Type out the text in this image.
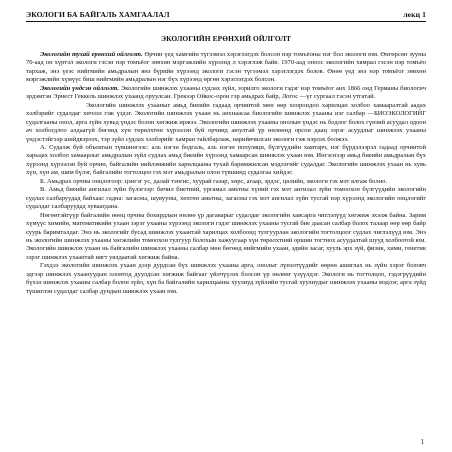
ЭКОЛОГИ БА БАЙГАЛЬ ХАМГААЛАЛ	лекц 1
ЭКОЛОГИЙН ЕРӨНХИЙ ОЙЛГОЛТ

Экологийн тухай ерөнхий ойлголт. Өрчин үед хамгийн түгээмэл хэрэглэгдэх болсон нэр томъёоны нэг бол экологи юм. Өнгөрсөн зууны 70-аад он хүртэл экологи гэсэн нэр томъёог зөвхөн мэргэжлийн хүрээнд л хэрэглэж байв. 1970-аад оноос экологийн хямрал гэсэн нэр томъёо тархаж, энэ үеэс нийгмийн амьдралын янз бүрийн хүрээнд экологи гэсэн түгээмэл хэрэглэгдэх болов. Өнөө үед энэ нэр томъёог зөвхөн мэргэжлийн хүмүүс биш нийгмийн амьдралын нэг бүх хүрээнд өргөн хэрэглэгдэх болсон.

Экологийн үндсэн ойлголт. Экологийн шинжлэх ухааны судлах зүйл, зорилго экологи гэдэг нэр томъёог анх 1866 онд Германы биологич эрдэмтэн Эрнест Геккель шинжлэх ухаанд оруулсан. Грекээр Ойкос-орон гэр амьдрах байр, Логос —үг сургаал гэсэн утгатай.

Экологийн шинжлэх ухааныг амьд биеийн гадаад орчинтой мөн өөр хоорондоо харилцан холбоо хамааралтай аадах хэлбэрийг судалдаг хичээл гэж үздэг. Экологийн шинжлэх ухаан нь анхнаасаа биологийн шинжлэх ухааны нэг салбар —БИОЭКОЛОГИЙГ судалгааны онол, арга зүйн хувьд үндэс болон хөгжиж иржээ. Экологийн шинжлэх ухааны онолын үндэс нь бодлог болох гүнзий асуудал одоон ач холбогдлоо алдаагүй бөгөөд хүн төрөлхтөн хүрээлэн буй орчинд аюултай үр нөлөөнд орсон даац зэрэг асуудлыг шинжлэх ухааны үндэстэйгээр шийдвэрлэх, тэр зүйл судлах хэлбэрийг хамран тайлбарлаж, нарийвчилсан экологи гэж нэрлэх болжээ.

А. Судалж буй объектын түвшингээс: аль нэгэн бодгаль, аль нэгэн популяци, бүлгүүдийн хамтарч, нэг бүрдэлээрэл гадаад орчинтой харьцах холбоо хамаарлыг амьдралын зүйл судлах амьд биеийн хүрээнд хамаарсан шинжлэх ухаан юм. Ингэснээр амьд биеийн амьдралын бүх хүрээнд хүрээлэн буй орчин, байгалийн нийлэмжийн харилцааны тухай баримжилсан мэдлэгийг судалдаг. Экологийн шинжлэх ухаан нь хувь хүн, хүн ам, шим бүлэг, байгалийн тогтолцоо гэх мэт амьдралын олон түвшинд судалгаа хийдэг.

Б. Амьдрах орчны онцлогоор: цэнгэг ус, далай тэнгис, хуурай газар, хөрс, агаар, эрдэс, цөлийн, экологи гэх мэт ялгаж болно.

В. Амьд биеийн ангилал зүйн бүлэгээр: бичил биетний, ургамал амьтны хүний гэх мэт ангилал зүйн томоохон бүлгүүдийн экологийн судлах салбаруудад байхаас гадна: загасны, шувууны, хөхтөн амьтны, загасны гэх мэт ангилал зүйн тусгай нэр хүрээнд экологийн онцлогийг судалдаг салбаруудад хуваагдана.

Нөгөөтэйгүүр байгалийн нөөц орчны бохирдлын нөлөө үр дагаварыг судалдаг экологийн хавсарга чиглэлүүд хөгжиж эхэлж байна. Зарим хүмүүс химийн, математикийн ухаан зэрэг ухааны хүрээнд экологи гэдэг шинжлэх ухааны тусгай бие даасан салбар болох талаар өөр өөр байр суурь баримталдаг. Энэ нь экологийг бусад шинжлэх ухаантай харилцах холбоонд тулгуурлан экологийн тогтолцоог судлах чиглэлүүд юм. Энэ нь экологийн шинжлэх ухааны хөгжлийн томоохон тулгуур болохын хажуугаар хүн төрөлхтний оршин тогтнох асуудалтай шууд холбоотой юм. Экологийн шинжлэх ухаан нь байгалийн шинжлэх ухааны салбар мөн бөгөөд нийгмийн ухаан, эдийн засаг, хууль эрх зүй, физик, хими, генетик зэрэг шинжлэх ухаантай нягт уялдаатай хөгжиж байна.

Гэхдээ экологийн шинжлэх ухаан дээр дурдсан бүх шинжлэх ухааны арга, онолыг лүнэлтүүдийг өөрөө ашиглах нь зүйн хэрэг боловч эдгээр шинжлэх ухаануудын олонтод дуулдсан хөгжиж байгааг үйлчүүлэх болсон үр нөлөөг үзүүлдэг. Экологи нь тогтолцоо, гэдэгрүүдийн бүхэл шинжлэх ухааны салбар болон зүйл, хүн ба байгалийн харилцааны хуулиуд зүйлийн тусгай хуулиудыг шинжлэх ухааны мэдлэг, арга зүйд түшиглэн судалдаг салбар дундын шинжлэх ухаан юм.

1
